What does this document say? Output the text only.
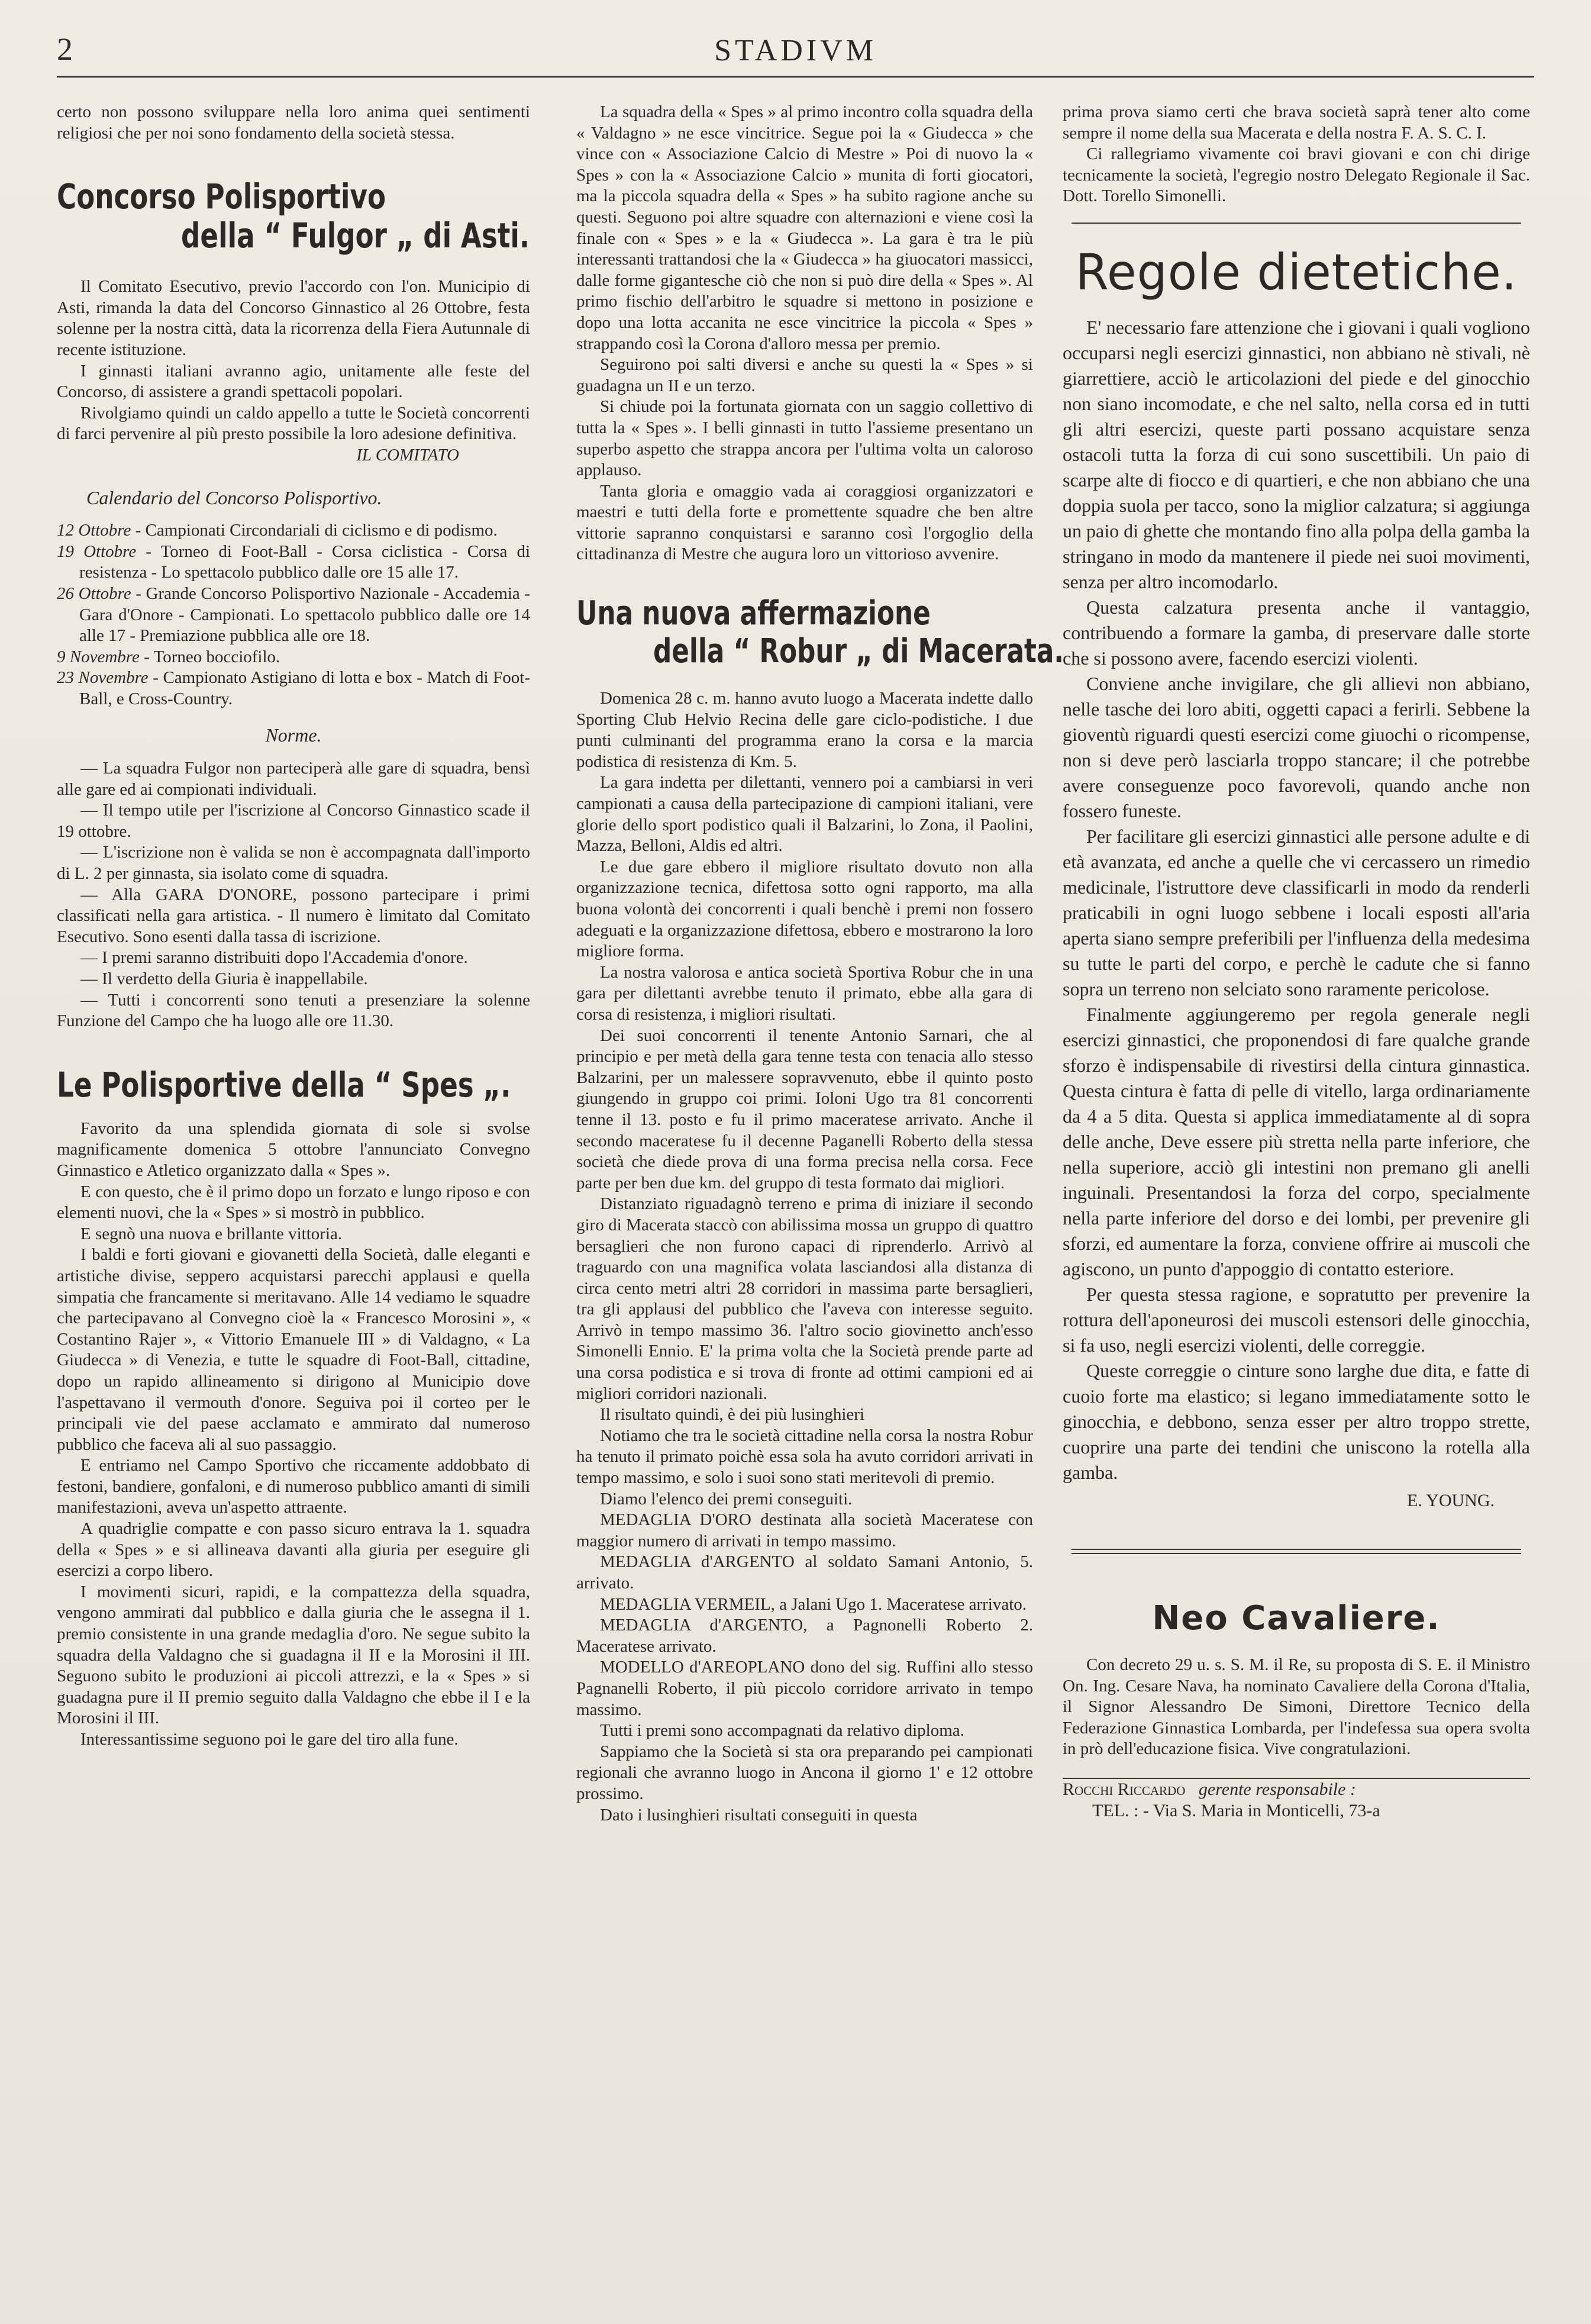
2	STADIVM

certo non possono sviluppare nella loro anima quei sentimenti religiosi che per noi sono fondamento della società stessa.

Concorso Polisportivo
della “ Fulgor „ di Asti.

Il Comitato Esecutivo, previo l'accordo con l'on. Municipio di Asti, rimanda la data del Concorso Ginnastico al 26 Ottobre, festa solenne per la nostra città, data la ricorrenza della Fiera Autunnale di recente istituzione.

I ginnasti italiani avranno agio, unitamente alle feste del Concorso, di assistere a grandi spettacoli popolari.

Rivolgiamo quindi un caldo appello a tutte le Società concorrenti di farci pervenire al più presto possibile la loro adesione definitiva.

IL COMITATO
Calendario del Concorso Polisportivo.

12 Ottobre - Campionati Circondariali di ciclismo e di podismo.

19 Ottobre - Torneo di Foot-Ball - Corsa ciclistica - Corsa di resistenza - Lo spettacolo pubblico dalle ore 15 alle 17.

26 Ottobre - Grande Concorso Polisportivo Nazionale - Accademia - Gara d'Onore - Campionati. Lo spettacolo pubblico dalle ore 14 alle 17 - Premiazione pubblica alle ore 18.

9 Novembre - Torneo bocciofilo.

23 Novembre - Campionato Astigiano di lotta e box - Match di Foot-Ball, e Cross-Country.

Norme.

— La squadra Fulgor non parteciperà alle gare di squadra, bensì alle gare ed ai compionati individuali.

— Il tempo utile per l'iscrizione al Concorso Ginnastico scade il 19 ottobre.

— L'iscrizione non è valida se non è accompagnata dall'importo di L. 2 per ginnasta, sia isolato come di squadra.

— Alla GARA D'ONORE, possono partecipare i primi classificati nella gara artistica. - Il numero è limitato dal Comitato Esecutivo. Sono esenti dalla tassa di iscrizione.

— I premi saranno distribuiti dopo l'Accademia d'onore.

— Il verdetto della Giuria è inappellabile.

— Tutti i concorrenti sono tenuti a presenziare la solenne Funzione del Campo che ha luogo alle ore 11.30.

Le Polisportive della “ Spes „.

Favorito da una splendida giornata di sole si svolse magnificamente domenica 5 ottobre l'annunciato Convegno Ginnastico e Atletico organizzato dalla « Spes ».

E con questo, che è il primo dopo un forzato e lungo riposo e con elementi nuovi, che la « Spes » si mostrò in pubblico.

E segnò una nuova e brillante vittoria.

I baldi e forti giovani e giovanetti della Società, dalle eleganti e artistiche divise, seppero acquistarsi parecchi applausi e quella simpatia che francamente si meritavano. Alle 14 vediamo le squadre che partecipavano al Convegno cioè la « Francesco Morosini », « Costantino Rajer », « Vittorio Emanuele III » di Valdagno, « La Giudecca » di Venezia, e tutte le squadre di Foot-Ball, cittadine, dopo un rapido allineamento si dirigono al Municipio dove l'aspettavano il vermouth d'onore. Seguiva poi il corteo per le principali vie del paese acclamato e ammirato dal numeroso pubblico che faceva ali al suo passaggio.

E entriamo nel Campo Sportivo che riccamente addobbato di festoni, bandiere, gonfaloni, e di numeroso pubblico amanti di simili manifestazioni, aveva un'aspetto attraente.

A quadriglie compatte e con passo sicuro entrava la 1. squadra della « Spes » e si allineava davanti alla giuria per eseguire gli esercizi a corpo libero.

I movimenti sicuri, rapidi, e la compattezza della squadra, vengono ammirati dal pubblico e dalla giuria che le assegna il 1. premio consistente in una grande medaglia d'oro. Ne segue subito la squadra della Valdagno che si guadagna il II e la Morosini il III. Seguono subito le produzioni ai piccoli attrezzi, e la « Spes » si guadagna pure il II premio seguito dalla Valdagno che ebbe il I e la Morosini il III.

Interessantissime seguono poi le gare del tiro alla fune.

La squadra della « Spes » al primo incontro colla squadra della « Valdagno » ne esce vincitrice. Segue poi la « Giudecca » che vince con « Associazione Calcio di Mestre » Poi di nuovo la « Spes » con la « Associazione Calcio » munita di forti giocatori, ma la piccola squadra della « Spes » ha subito ragione anche su questi. Seguono poi altre squadre con alternazioni e viene così la finale con « Spes » e la « Giudecca ». La gara è tra le più interessanti trattandosi che la « Giudecca » ha giuocatori massicci, dalle forme gigantesche ciò che non si può dire della « Spes ». Al primo fischio dell'arbitro le squadre si mettono in posizione e dopo una lotta accanita ne esce vincitrice la piccola « Spes » strappando così la Corona d'alloro messa per premio.

Seguirono poi salti diversi e anche su questi la « Spes » si guadagna un II e un terzo.

Si chiude poi la fortunata giornata con un saggio collettivo di tutta la « Spes ». I belli ginnasti in tutto l'assieme presentano un superbo aspetto che strappa ancora per l'ultima volta un caloroso applauso.

Tanta gloria e omaggio vada ai coraggiosi organizzatori e maestri e tutti della forte e promettente squadre che ben altre vittorie sapranno conquistarsi e saranno così l'orgoglio della cittadinanza di Mestre che augura loro un vittorioso avvenire.

Una nuova affermazione
della “ Robur „ di Macerata.

Domenica 28 c. m. hanno avuto luogo a Macerata indette dallo Sporting Club Helvio Recina delle gare ciclo-podistiche. I due punti culminanti del programma erano la corsa e la marcia podistica di resistenza di Km. 5.

La gara indetta per dilettanti, vennero poi a cambiarsi in veri campionati a causa della partecipazione di campioni italiani, vere glorie dello sport podistico quali il Balzarini, lo Zona, il Paolini, Mazza, Belloni, Aldis ed altri.

Le due gare ebbero il migliore risultato dovuto non alla organizzazione tecnica, difettosa sotto ogni rapporto, ma alla buona volontà dei concorrenti i quali benchè i premi non fossero adeguati e la organizzazione difettosa, ebbero e mostrarono la loro migliore forma.

La nostra valorosa e antica società Sportiva Robur che in una gara per dilettanti avrebbe tenuto il primato, ebbe alla gara di corsa di resistenza, i migliori risultati.

Dei suoi concorrenti il tenente Antonio Sarnari, che al principio e per metà della gara tenne testa con tenacia allo stesso Balzarini, per un malessere sopravvenuto, ebbe il quinto posto giungendo in gruppo coi primi. Ioloni Ugo tra 81 concorrenti tenne il 13. posto e fu il primo maceratese arrivato. Anche il secondo maceratese fu il decenne Paganelli Roberto della stessa società che diede prova di una forma precisa nella corsa. Fece parte per ben due km. del gruppo di testa formato dai migliori.

Distanziato riguadagnò terreno e prima di iniziare il secondo giro di Macerata staccò con abilissima mossa un gruppo di quattro bersaglieri che non furono capaci di riprenderlo. Arrivò al traguardo con una magnifica volata lasciandosi alla distanza di circa cento metri altri 28 corridori in massima parte bersaglieri, tra gli applausi del pubblico che l'aveva con interesse seguito. Arrivò in tempo massimo 36. l'altro socio giovinetto anch'esso Simonelli Ennio. E' la prima volta che la Società prende parte ad una corsa podistica e si trova di fronte ad ottimi campioni ed ai migliori corridori nazionali.

Il risultato quindi, è dei più lusinghieri

Notiamo che tra le società cittadine nella corsa la nostra Robur ha tenuto il primato poichè essa sola ha avuto corridori arrivati in tempo massimo, e solo i suoi sono stati meritevoli di premio.

Diamo l'elenco dei premi conseguiti.

MEDAGLIA D'ORO destinata alla società Maceratese con maggior numero di arrivati in tempo massimo.

MEDAGLIA d'ARGENTO al soldato Samani Antonio, 5. arrivato.

MEDAGLIA VERMEIL, a Jalani Ugo 1. Maceratese arrivato.

MEDAGLIA d'ARGENTO, a Pagnonelli Roberto 2. Maceratese arrivato.

MODELLO d'AREOPLANO dono del sig. Ruffini allo stesso Pagnanelli Roberto, il più piccolo corridore arrivato in tempo massimo.

Tutti i premi sono accompagnati da relativo diploma.

Sappiamo che la Società si sta ora preparando pei campionati regionali che avranno luogo in Ancona il giorno 1' e 12 ottobre prossimo.

Dato i lusinghieri risultati conseguiti in questa

prima prova siamo certi che brava società saprà tener alto come sempre il nome della sua Macerata e della nostra F. A. S. C. I.

Ci rallegriamo vivamente coi bravi giovani e con chi dirige tecnicamente la società, l'egregio nostro Delegato Regionale il Sac. Dott. Torello Simonelli.

Regole dietetiche.

E' necessario fare attenzione che i giovani i quali vogliono occuparsi negli esercizi ginnastici, non abbiano nè stivali, nè giarrettiere, acciò le articolazioni del piede e del ginocchio non siano incomodate, e che nel salto, nella corsa ed in tutti gli altri esercizi, queste parti possano acquistare senza ostacoli tutta la forza di cui sono suscettibili. Un paio di scarpe alte di fiocco e di quartieri, e che non abbiano che una doppia suola per tacco, sono la miglior calzatura; si aggiunga un paio di ghette che montando fino alla polpa della gamba la stringano in modo da mantenere il piede nei suoi movimenti, senza per altro incomodarlo.

Questa calzatura presenta anche il vantaggio, contribuendo a formare la gamba, di preservare dalle storte che si possono avere, facendo esercizi violenti.

Conviene anche invigilare, che gli allievi non abbiano, nelle tasche dei loro abiti, oggetti capaci a ferirli. Sebbene la gioventù riguardi questi esercizi come giuochi o ricompense, non si deve però lasciarla troppo stancare; il che potrebbe avere conseguenze poco favorevoli, quando anche non fossero funeste.

Per facilitare gli esercizi ginnastici alle persone adulte e di età avanzata, ed anche a quelle che vi cercassero un rimedio medicinale, l'istruttore deve classificarli in modo da renderli praticabili in ogni luogo sebbene i locali esposti all'aria aperta siano sempre preferibili per l'influenza della medesima su tutte le parti del corpo, e perchè le cadute che si fanno sopra un terreno non selciato sono raramente pericolose.

Finalmente aggiungeremo per regola generale negli esercizi ginnastici, che proponendosi di fare qualche grande sforzo è indispensabile di rivestirsi della cintura ginnastica. Questa cintura è fatta di pelle di vitello, larga ordinariamente da 4 a 5 dita. Questa si applica immediatamente al di sopra delle anche, Deve essere più stretta nella parte inferiore, che nella superiore, acciò gli intestini non premano gli anelli inguinali. Presentandosi la forza del corpo, specialmente nella parte inferiore del dorso e dei lombi, per prevenire gli sforzi, ed aumentare la forza, conviene offrire ai muscoli che agiscono, un punto d'appoggio di contatto esteriore.

Per questa stessa ragione, e sopratutto per prevenire la rottura dell'aponeurosi dei muscoli estensori delle ginocchia, si fa uso, negli esercizi violenti, delle correggie.

Queste correggie o cinture sono larghe due dita, e fatte di cuoio forte ma elastico; si legano immediatamente sotto le ginocchia, e debbono, senza esser per altro troppo strette, cuoprire una parte dei tendini che uniscono la rotella alla gamba.

E. YOUNG.
Neo Cavaliere.

Con decreto 29 u. s. S. M. il Re, su proposta di S. E. il Ministro On. Ing. Cesare Nava, ha nominato Cavaliere della Corona d'Italia, il Signor Alessandro De Simoni, Direttore Tecnico della Federazione Ginnastica Lombarda, per l'indefessa sua opera svolta in prò dell'educazione fisica. Vive congratulazioni.

Rocchi Riccardo gerente responsabile :

TEL. : - Via S. Maria in Monticelli, 73-a
